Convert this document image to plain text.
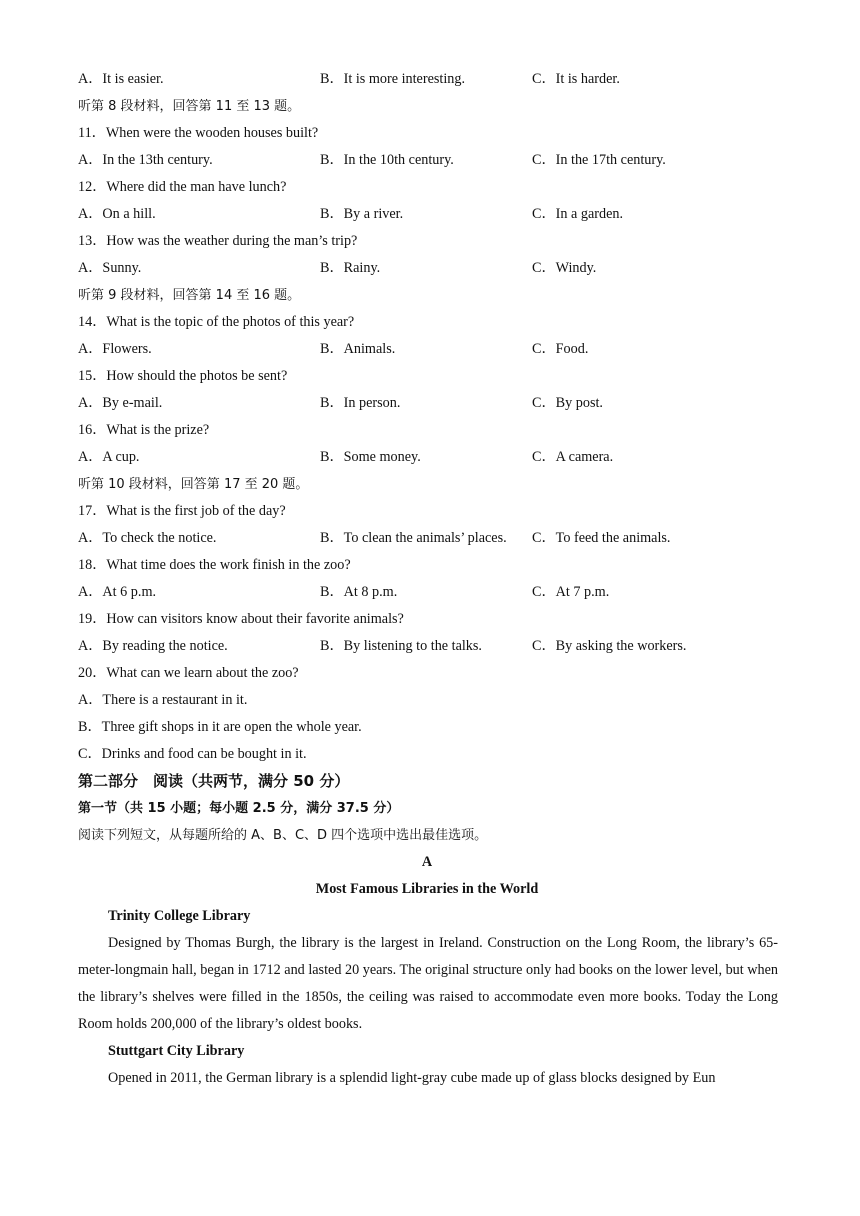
A．It is easier.	B．It is more interesting.	C．It is harder.
听第 8 段材料，回答第 11 至 13 题。
11．When were the wooden houses built?
A．In the 13th century.	B．In the 10th century.	C．In the 17th century.
12．Where did the man have lunch?
A．On a hill.	B．By a river.	C．In a garden.
13．How was the weather during the man’s trip?
A．Sunny.	B．Rainy.	C．Windy.
听第 9 段材料，回答第 14 至 16 题。
14．What is the topic of the photos of this year?
A．Flowers.	B．Animals.	C．Food.
15．How should the photos be sent?
A．By e-mail.	B．In person.	C．By post.
16．What is the prize?
A．A cup.	B．Some money.	C．A camera.
听第 10 段材料，回答第 17 至 20 题。
17．What is the first job of the day?
A．To check the notice.	B．To clean the animals’ places. C．To feed the animals.
18．What time does the work finish in the zoo?
A．At 6 p.m.	B．At 8 p.m.	C．At 7 p.m.
19．How can visitors know about their favorite animals?
A．By reading the notice.	B．By listening to the talks.	C．By asking the workers.
20．What can we learn about the zoo?
A．There is a restaurant in it.
B．Three gift shops in it are open the whole year.
C．Drinks and food can be bought in it.
第二部分　阅读（共两节，满分 50 分）
第一节（共 15 小题；每小题 2.5 分，满分 37.5 分）
阅读下列短文，从每题所给的 A、B、C、D 四个选项中选出最佳选项。
A
Most Famous Libraries in the World
Trinity College Library
Designed by Thomas Burgh, the library is the largest in Ireland. Construction on the Long Room, the library’s 65-meter-longmain hall, began in 1712 and lasted 20 years. The original structure only had books on the lower level, but when the library’s shelves were filled in the 1850s, the ceiling was raised to accommodate even more books. Today the Long Room holds 200,000 of the library’s oldest books.
Stuttgart City Library
Opened in 2011, the German library is a splendid light-gray cube made up of glass blocks designed by Eun
